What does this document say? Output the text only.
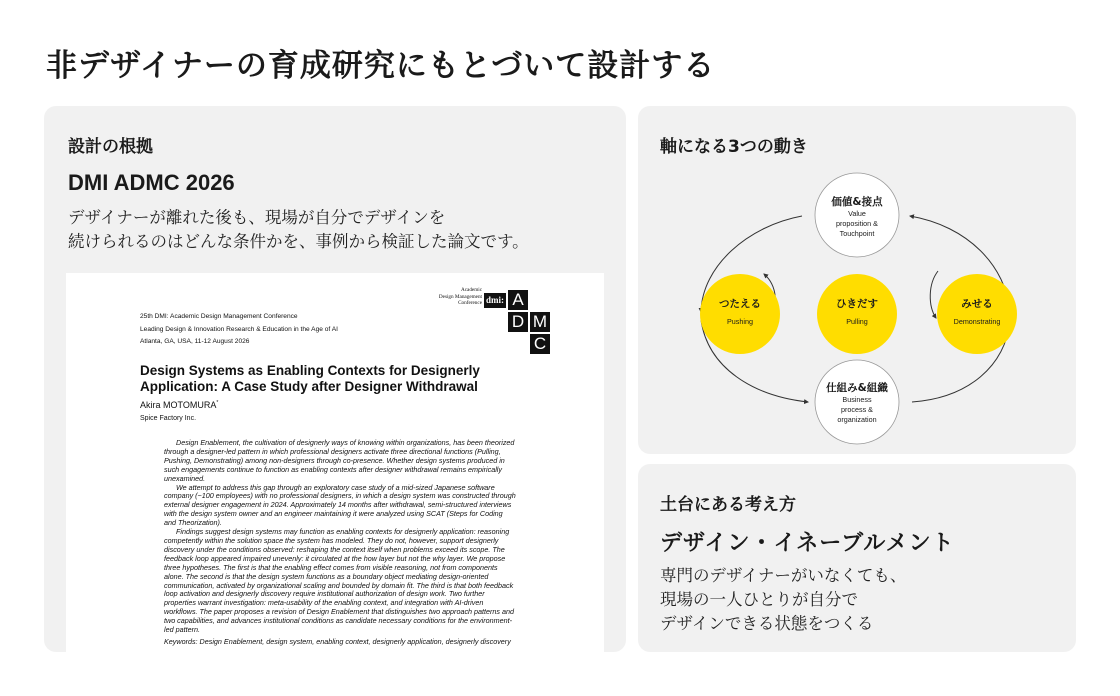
非デザイナーの育成研究にもとづいて設計する
設計の根拠
DMI ADMC 2026
デザイナーが離れた後も、現場が自分でデザインを
続けられるのはどんな条件かを、事例から検証した論文です。
25th DMI: Academic Design Management Conference
Leading Design & Innovation Research & Education in the Age of AI
Atlanta, GA, USA, 11-12 August 2026
Academic
Design Management
Conference dmi: A
D M
C
Design Systems as Enabling Contexts for Designerly
Application: A Case Study after Designer Withdrawal
Akira MOTOMURA*
Spice Factory Inc.
Design Enablement, the cultivation of designerly ways of knowing within organizations, has been theorized
through a designer-led pattern in which professional designers activate three directional functions (Pulling,
Pushing, Demonstrating) among non-designers through co-presence. Whether design systems produced in
such engagements continue to function as enabling contexts after designer withdrawal remains empirically
unexamined.
We attempt to address this gap through an exploratory case study of a mid-sized Japanese software
company (~100 employees) with no professional designers, in which a design system was constructed through
external designer engagement in 2024. Approximately 14 months after withdrawal, semi-structured interviews
with the design system owner and an engineer maintaining it were analyzed using SCAT (Steps for Coding
and Theorization).
Findings suggest design systems may function as enabling contexts for designerly application: reasoning
competently within the solution space the system has modeled. They do not, however, support designerly
discovery under the conditions observed: reshaping the context itself when problems exceed its scope. The
feedback loop appeared impaired unevenly: it circulated at the how layer but not the why layer. We propose
three hypotheses. The first is that the enabling effect comes from visible reasoning, not from components
alone. The second is that the design system functions as a boundary object mediating design-oriented
communication, activated by organizational scaling and bounded by domain fit. The third is that both feedback
loop activation and designerly discovery require institutional authorization of design work. Two further
properties warrant investigation: meta-usability of the enabling context, and integration with AI-driven
workflows. The paper proposes a revision of Design Enablement that distinguishes two approach patterns and
two capabilities, and advances institutional conditions as candidate necessary conditions for the environment-
led pattern.
Keywords: Design Enablement, design system, enabling context, designerly application, designerly discovery
軸になる3つの動き
価値&接点
Value
proposition &
Touchpoint
仕組み&組織
Business
process &
organization
つたえる
Pushing
ひきだす
Pulling
みせる
Demonstrating
土台にある考え方
デザイン・イネーブルメント
専門のデザイナーがいなくても、
現場の一人ひとりが自分で
デザインできる状態をつくる
